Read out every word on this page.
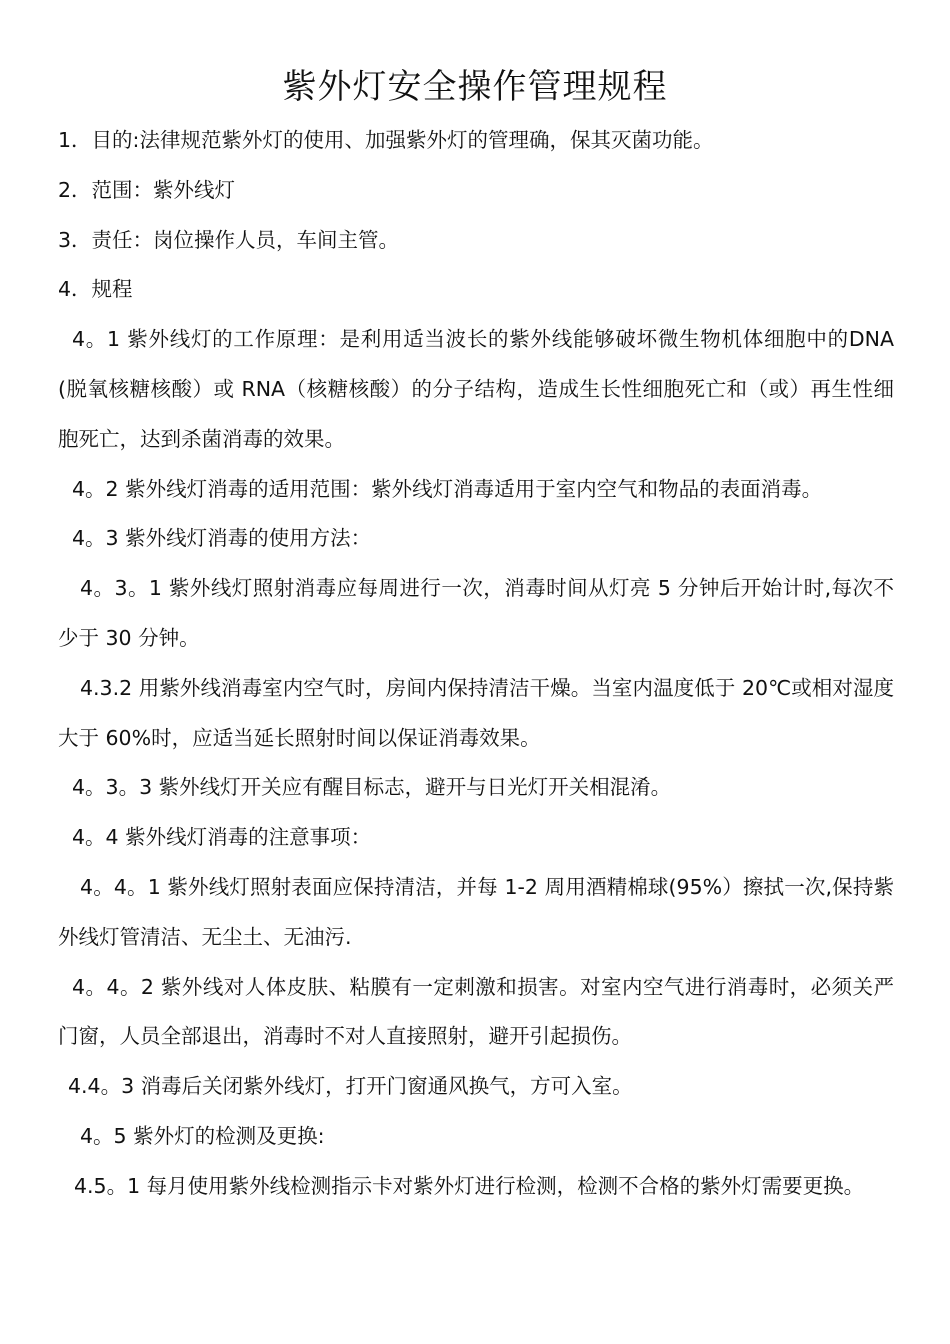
紫外灯安全操作管理规程

1．目的:法律规范紫外灯的使用、加强紫外灯的管理确，保其灭菌功能。

2．范围：紫外线灯

3．责任：岗位操作人员，车间主管。

4．规程

4。1 紫外线灯的工作原理：是利用适当波长的紫外线能够破坏微生物机体细胞中的DNA(脱氧核糖核酸）或 RNA（核糖核酸）的分子结构，造成生长性细胞死亡和（或）再生性细胞死亡，达到杀菌消毒的效果。

4。2 紫外线灯消毒的适用范围：紫外线灯消毒适用于室内空气和物品的表面消毒。

4。3 紫外线灯消毒的使用方法：

4。3。1 紫外线灯照射消毒应每周进行一次，消毒时间从灯亮 5 分钟后开始计时,每次不少于 30 分钟。

4.3.2 用紫外线消毒室内空气时，房间内保持清洁干燥。当室内温度低于 20℃或相对湿度大于 60%时，应适当延长照射时间以保证消毒效果。

4。3。3 紫外线灯开关应有醒目标志，避开与日光灯开关相混淆。

4。4 紫外线灯消毒的注意事项：

4。4。1 紫外线灯照射表面应保持清洁，并每 1-2 周用酒精棉球(95%）擦拭一次,保持紫外线灯管清洁、无尘土、无油污.

4。4。2 紫外线对人体皮肤、粘膜有一定刺激和损害。对室内空气进行消毒时，必须关严门窗，人员全部退出，消毒时不对人直接照射，避开引起损伤。

4.4。3 消毒后关闭紫外线灯，打开门窗通风换气，方可入室。

4。5 紫外灯的检测及更换:

4.5。1 每月使用紫外线检测指示卡对紫外灯进行检测，检测不合格的紫外灯需要更换。
